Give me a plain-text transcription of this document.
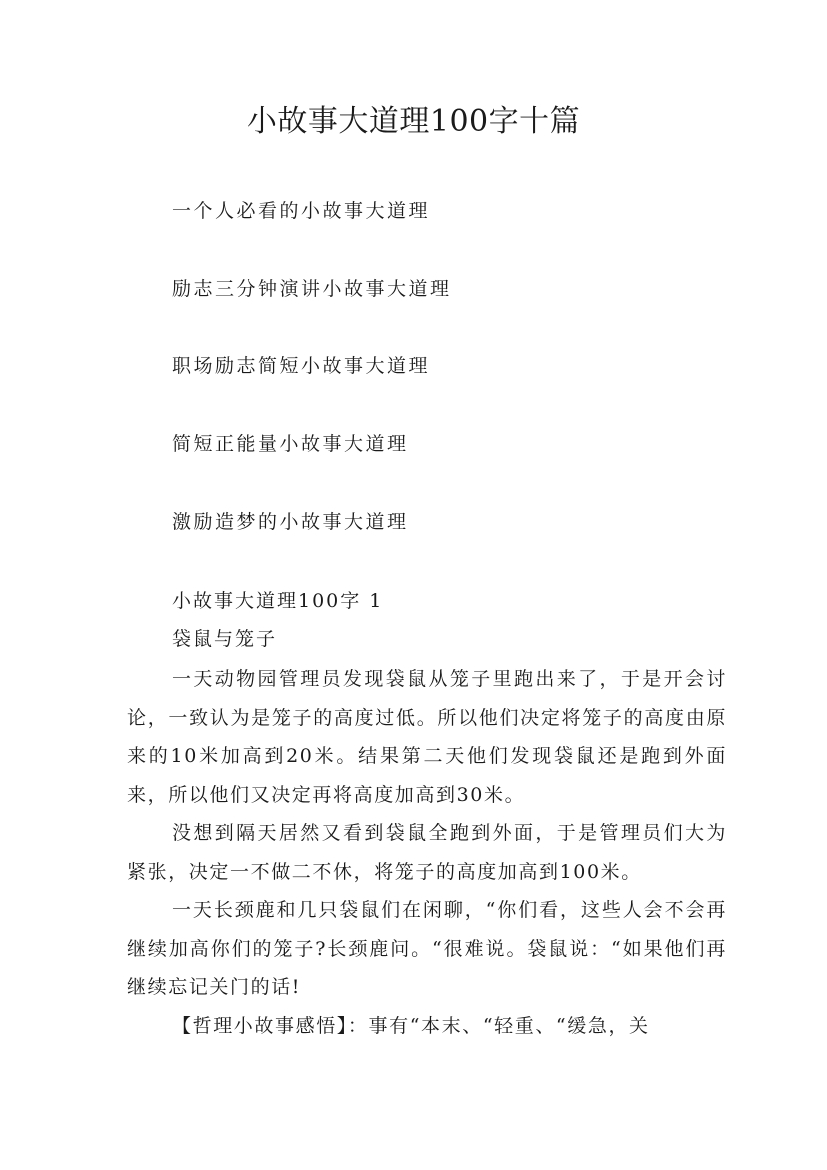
小故事大道理100字十篇

一个人必看的小故事大道理

励志三分钟演讲小故事大道理

职场励志简短小故事大道理

简短正能量小故事大道理

激励造梦的小故事大道理

小故事大道理100字 1

袋鼠与笼子

一天动物园管理员发现袋鼠从笼子里跑出来了，于是开会讨论，一致认为是笼子的高度过低。所以他们决定将笼子的高度由原来的10米加高到20米。结果第二天他们发现袋鼠还是跑到外面来，所以他们又决定再将高度加高到30米。

没想到隔天居然又看到袋鼠全跑到外面，于是管理员们大为紧张，决定一不做二不休，将笼子的高度加高到100米。

一天长颈鹿和几只袋鼠们在闲聊，“你们看，这些人会不会再继续加高你们的笼子?长颈鹿问。“很难说。袋鼠说：“如果他们再继续忘记关门的话!

【哲理小故事感悟】：事有“本末、“轻重、“缓急，关
